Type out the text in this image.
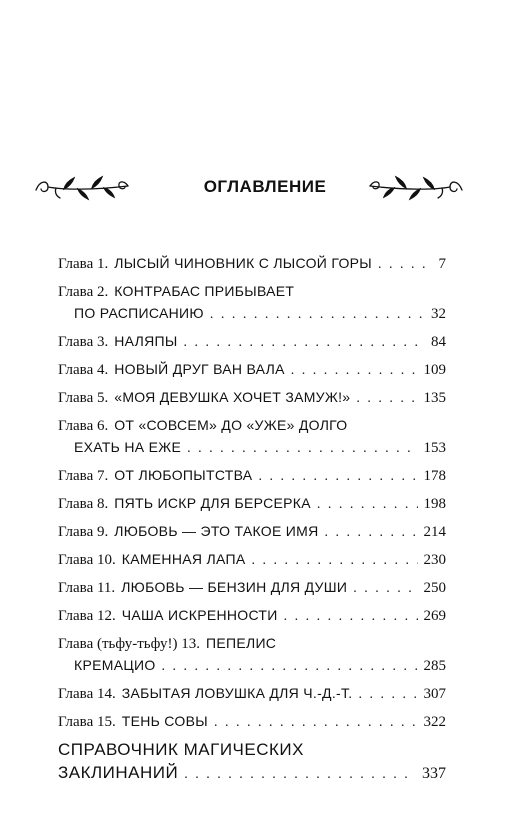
ОГЛАВЛЕНИЕ
Глава 1. ЛЫСЫЙ ЧИНОВНИК С ЛЫСОЙ ГОРЫ . . .	7
Глава 2. КОНТРАБАС ПРИБЫВАЕТ
ПО РАСПИСАНИЮ . . .	32
Глава 3. НАЛЯПЫ . . .	84
Глава 4. НОВЫЙ ДРУГ ВАН ВАЛА . . .	109
Глава 5. «МОЯ ДЕВУШКА ХОЧЕТ ЗАМУЖ!» . . .	135
Глава 6. ОТ «СОВСЕМ» ДО «УЖЕ» ДОЛГО
ЕХАТЬ НА ЕЖЕ . . .	153
Глава 7. ОТ ЛЮБОПЫТСТВА . . .	178
Глава 8. ПЯТЬ ИСКР ДЛЯ БЕРСЕРКА . . .	198
Глава 9. ЛЮБОВЬ — ЭТО ТАКОЕ ИМЯ . . .	214
Глава 10. КАМЕННАЯ ЛАПА . . .	230
Глава 11. ЛЮБОВЬ — БЕНЗИН ДЛЯ ДУШИ . . .	250
Глава 12. ЧАША ИСКРЕННОСТИ . . .	269
Глава (тьфу-тьфу!) 13. ПЕПЕЛИС
КРЕМАЦИО . . .	285
Глава 14. ЗАБЫТАЯ ЛОВУШКА ДЛЯ Ч.-Д.-Т. . . .	307
Глава 15. ТЕНЬ СОВЫ . . .	322
СПРАВОЧНИК МАГИЧЕСКИХ
ЗАКЛИНАНИЙ . . .	337
